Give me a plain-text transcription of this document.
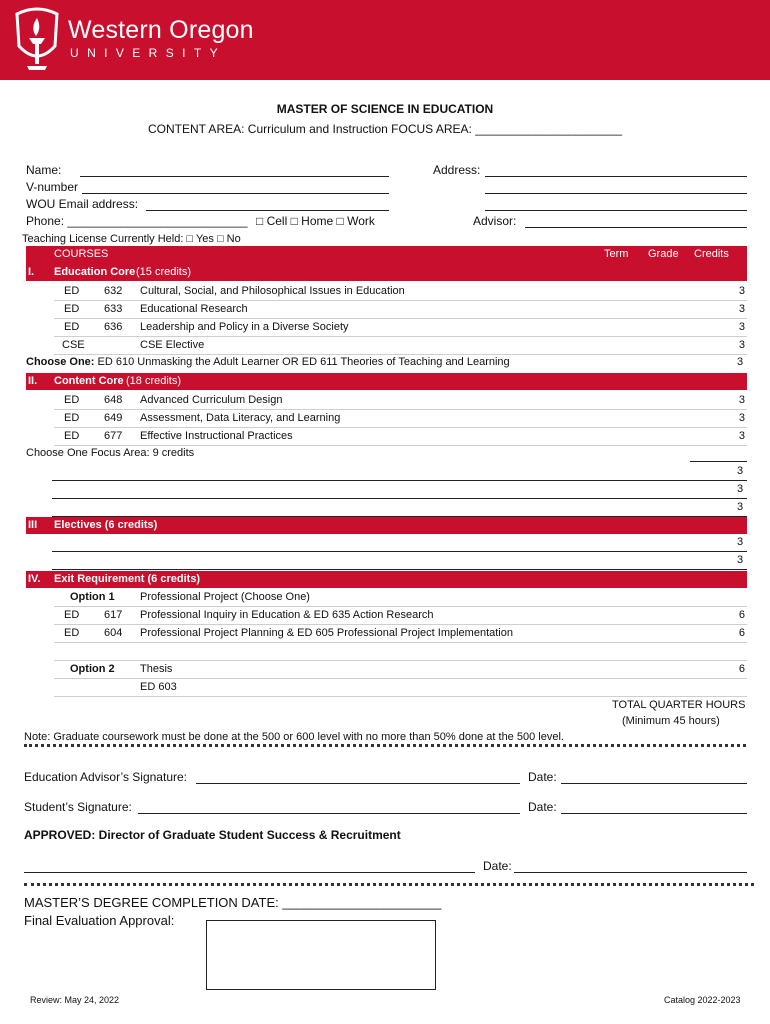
Western Oregon
UNIVERSITY
MASTER OF SCIENCE IN EDUCATION
CONTENT AREA: Curriculum and Instruction FOCUS AREA: ______________________
Name:
V-number
WOU Email address:
Phone: ___________________________ □ Cell □ Home □ Work
Address:
Advisor:
Teaching License Currently Held: □ Yes □ No
COURSES	Term Grade Credits
I. Education Core (15 credits)
ED 632 Cultural, Social, and Philosophical Issues in Education	3
ED 633 Educational Research	3
ED 636 Leadership and Policy in a Diverse Society	3
CSE	CSE Elective	3
Choose One: ED 610 Unmasking the Adult Learner OR ED 611 Theories of Teaching and Learning	3
II. Content Core (18 credits)
ED 648 Advanced Curriculum Design	3
ED 649 Assessment, Data Literacy, and Learning	3
ED 677 Effective Instructional Practices	3
Choose One Focus Area: 9 credits
3
3
3
III Electives (6 credits)
3
3
IV. Exit Requirement (6 credits)
Option 1 Professional Project (Choose One)
ED 617 Professional Inquiry in Education & ED 635 Action Research	6
ED 604 Professional Project Planning & ED 605 Professional Project Implementation	6
Option 2 Thesis	6
ED 603
TOTAL QUARTER HOURS
(Minimum 45 hours)
Note: Graduate coursework must be done at the 500 or 600 level with no more than 50% done at the 500 level.
Education Advisor’s Signature:	Date:
Student’s Signature:	Date:
APPROVED: Director of Graduate Student Success & Recruitment
Date:
MASTER’S DEGREE COMPLETION DATE: ______________________
Final Evaluation Approval:
Review: May 24, 2022	Catalog 2022-2023
